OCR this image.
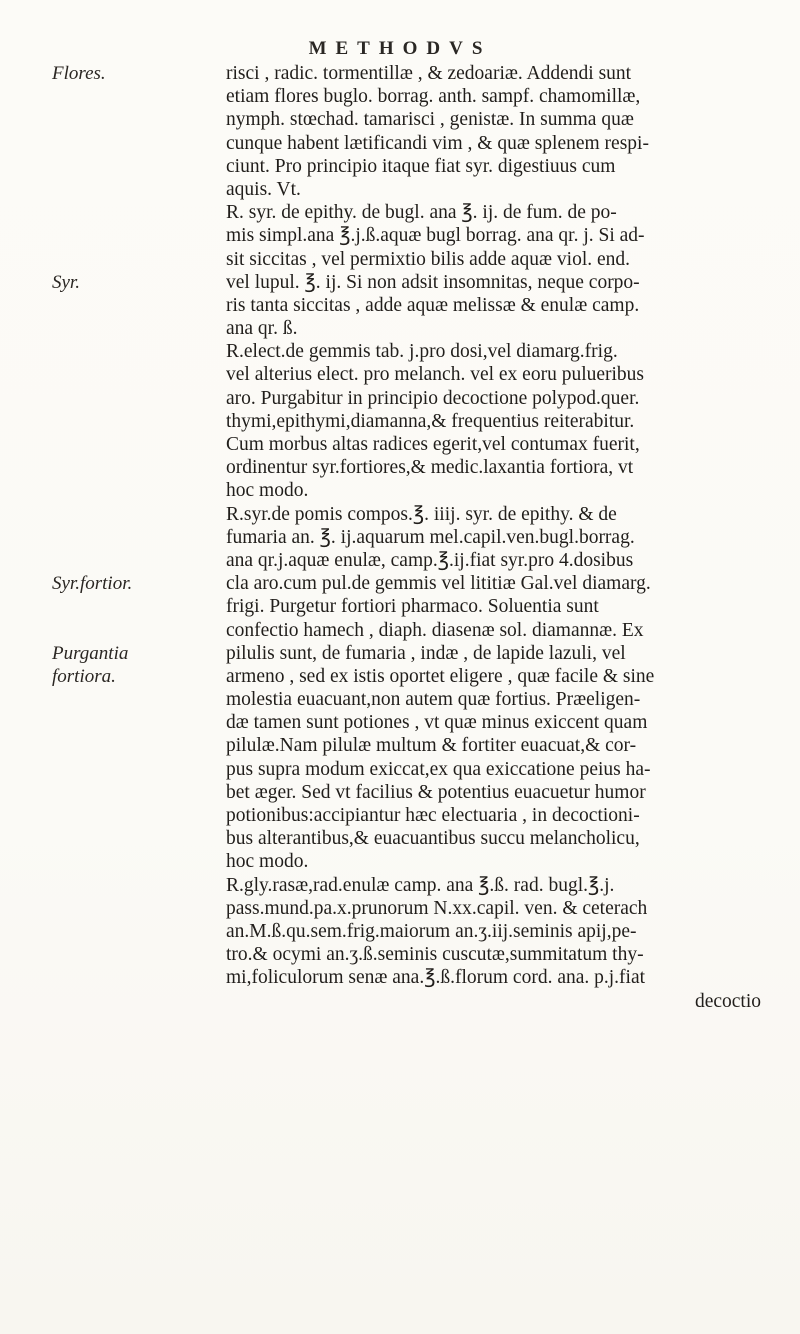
METHODVS
Flores.
Syr.
Syr.fortior.
Purgantia
fortiora.
risci , radic. tormentillæ , & zedoariæ. Addendi sunt
etiam flores buglo. borrag. anth. sampf. chamomillæ,
nymph. stœchad. tamarisci , genistæ. In summa quæ
cunque habent lætificandi vim , & quæ splenem respi-
ciunt. Pro principio itaque fiat syr. digestiuus cum
aquis. Vt.
R. syr. de epithy. de bugl. ana ℥. ij. de fum. de po-
mis simpl.ana ℥.j.ß.aquæ bugl borrag. ana qr. j. Si ad-
sit siccitas , vel permixtio bilis adde aquæ viol. end.
vel lupul. ℥. ij. Si non adsit insomnitas, neque corpo-
ris tanta siccitas , adde aquæ melissæ & enulæ camp.
ana qr. ß.
R.elect.de gemmis tab. j.pro dosi,vel diamarg.frig.
vel alterius elect. pro melanch. vel ex eoru pulueribus
aro. Purgabitur in principio decoctione polypod.quer.
thymi,epithymi,diamanna,& frequentius reiterabitur.
Cum morbus altas radices egerit,vel contumax fuerit,
ordinentur syr.fortiores,& medic.laxantia fortiora, vt
hoc modo.
R.syr.de pomis compos.℥. iiij. syr. de epithy. & de
fumaria an. ℥. ij.aquarum mel.capil.ven.bugl.borrag.
ana qr.j.aquæ enulæ, camp.℥.ij.fiat syr.pro 4.dosibus
cla aro.cum pul.de gemmis vel lititiæ Gal.vel diamarg.
frigi. Purgetur fortiori pharmaco. Soluentia sunt
confectio hamech , diaph. diasenæ sol. diamannæ. Ex
pilulis sunt, de fumaria , indæ , de lapide lazuli, vel
armeno , sed ex istis oportet eligere , quæ facile & sine
molestia euacuant,non autem quæ fortius. Præeligen-
dæ tamen sunt potiones , vt quæ minus exiccent quam
pilulæ.Nam pilulæ multum & fortiter euacuat,& cor-
pus supra modum exiccat,ex qua exiccatione peius ha-
bet æger. Sed vt facilius & potentius euacuetur humor
potionibus:accipiantur hæc electuaria , in decoctioni-
bus alterantibus,& euacuantibus succu melancholicu,
hoc modo.
R.gly.rasæ,rad.enulæ camp. ana ℥.ß. rad. bugl.℥.j.
pass.mund.pa.x.prunorum N.xx.capil. ven. & ceterach
an.M.ß.qu.sem.frig.maiorum an.ʒ.iij.seminis apij,pe-
tro.& ocymi an.ʒ.ß.seminis cuscutæ,summitatum thy-
mi,foliculorum senæ ana.℥.ß.florum cord. ana. p.j.fiat
decoctio
